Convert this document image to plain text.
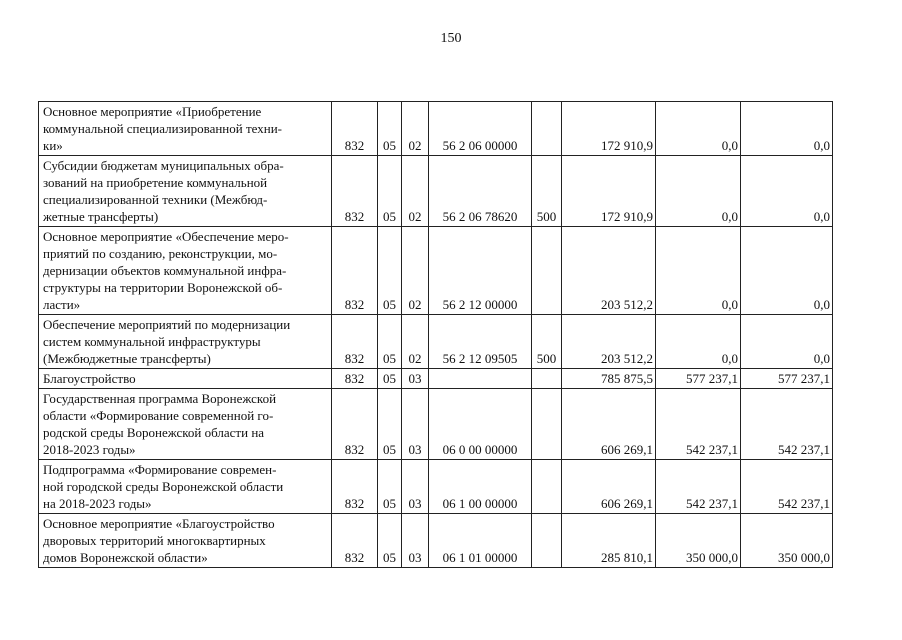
150
Основное мероприятие «Приобретение
коммунальной специализированной техни-
ки»	832	05	02	56 2 06 00000		172 910,9	0,0	0,0

Субсидии бюджетам муниципальных обра-
зований на приобретение коммунальной
специализированной техники (Межбюд-
жетные трансферты)	832	05	02	56 2 06 78620	500	172 910,9	0,0	0,0

Основное мероприятие «Обеспечение меро-
приятий по созданию, реконструкции, мо-
дернизации объектов коммунальной инфра-
структуры на территории Воронежской об-
ласти»	832	05	02	56 2 12 00000		203 512,2	0,0	0,0

Обеспечение мероприятий по модернизации
систем коммунальной инфраструктуры
(Межбюджетные трансферты)	832	05	02	56 2 12 09505	500	203 512,2	0,0	0,0

Благоустройство	832	05	03			785 875,5	577 237,1	577 237,1

Государственная программа Воронежской
области «Формирование современной го-
родской среды Воронежской области на
2018-2023 годы»	832	05	03	06 0 00 00000		606 269,1	542 237,1	542 237,1

Подпрограмма «Формирование современ-
ной городской среды Воронежской области
на 2018-2023 годы»	832	05	03	06 1 00 00000		606 269,1	542 237,1	542 237,1

Основное мероприятие «Благоустройство
дворовых территорий многоквартирных
домов Воронежской области»	832	05	03	06 1 01 00000		285 810,1	350 000,0	350 000,0
